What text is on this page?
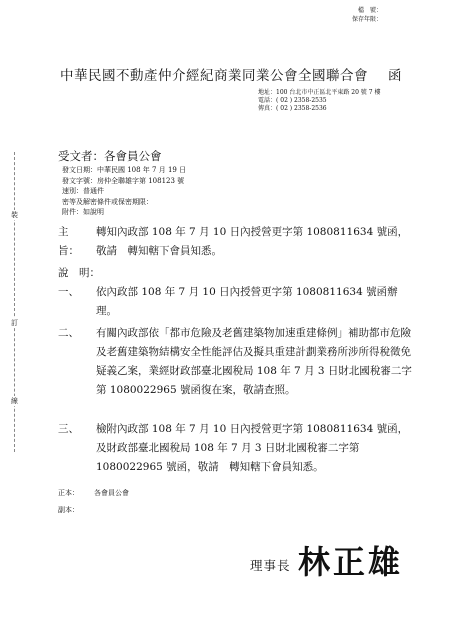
檔　號：
保存年限：
中華民國不動產仲介經紀商業同業公會全國聯合會 函
地址：100 台北市中正區北平東路 20 號 7 樓
電話：( 02 ) 2358-2535
傳真：( 02 ) 2358-2536
裝
訂
線
受文者：各會員公會
發文日期： 中華民國 108 年 7 月 19 日
發文字號： 房仲全聯雄字第 108123 號
速別： 普通件
密等及解密條件或保密期限：
附件： 如說明
主　旨：
轉知內政部 108 年 7 月 10 日內授營更字第 1080811634 號函，敬請　轉知轄下會員知悉。
說　明：
一、	依內政部 108 年 7 月 10 日內授營更字第 1080811634 號函辦理。
二、	有關內政部依「都市危險及老舊建築物加速重建條例」補助都市危險及老舊建築物結構安全性能評估及擬具重建計劃業務所涉所得稅徵免疑義乙案，業經財政部臺北國稅局 108 年 7 月 3 日財北國稅審二字第 1080022965 號函復在案，敬請查照。
三、	檢附內政部 108 年 7 月 10 日內授營更字第 1080811634 號函，及財政部臺北國稅局 108 年 7 月 3 日財北國稅審二字第 1080022965 號函，敬請　轉知轄下會員知悉。
正本：	各會員公會
副本：
理事長 林正雄
